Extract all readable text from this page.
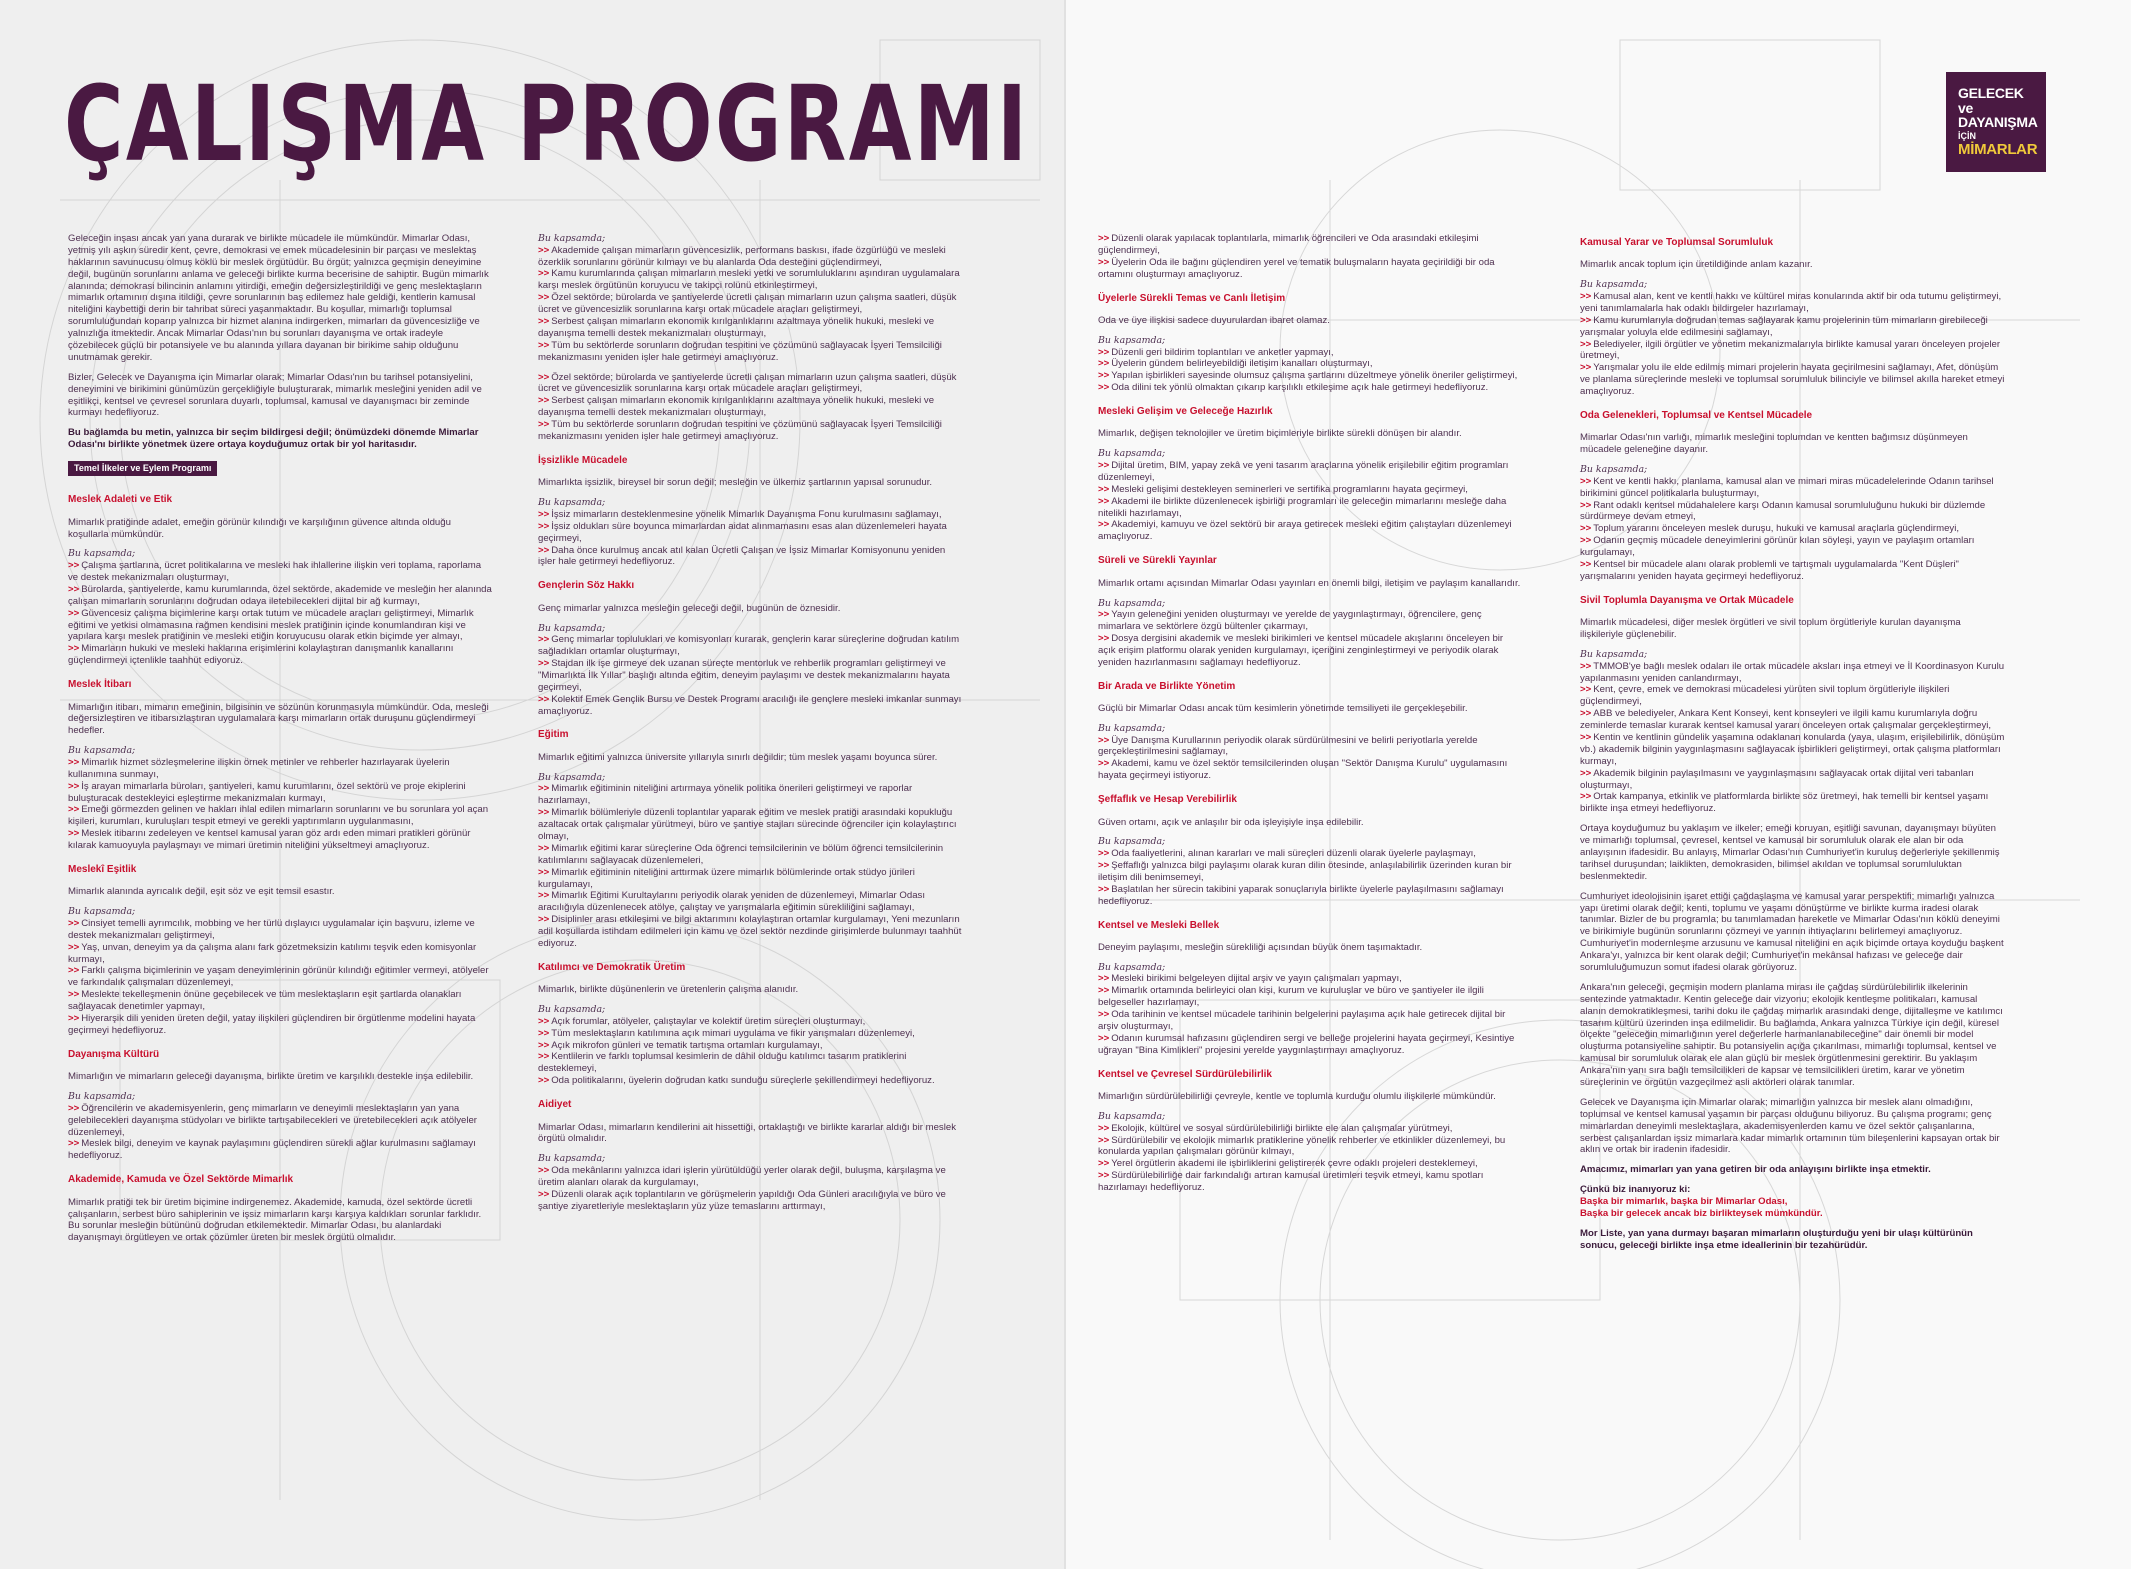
ÇALIŞMA PROGRAMI	GELECEK ve
DAYANIŞMA
İÇİN
MİMARLAR

Geleceğin inşası ancak yan yana durarak ve birlikte mücadele ile mümkündür. Mimarlar Odası, yetmiş yılı aşkın süredir kent, çevre, demokrasi ve emek mücadelesinin bir parçası ve meslektaş haklarının savunucusu olmuş köklü bir meslek örgütüdür. Bu örgüt; yalnızca geçmişin deneyimine değil, bugünün sorunlarını anlama ve geleceği birlikte kurma becerisine de sahiptir. Bugün mimarlık alanında; demokrasi bilincinin anlamını yitirdiği, emeğin değersizleştirildiği ve genç meslektaşların mimarlık ortamının dışına itildiği, çevre sorunlarının baş edilemez hale geldiği, kentlerin kamusal niteliğini kaybettiği derin bir tahribat süreci yaşanmaktadır. Bu koşullar, mimarlığı toplumsal sorumluluğundan koparıp yalnızca bir hizmet alanına indirgerken, mimarları da güvencesizliğe ve yalnızlığa itmektedir. Ancak Mimarlar Odası'nın bu sorunları dayanışma ve ortak iradeyle çözebilecek güçlü bir potansiyele ve bu alanında yıllara dayanan bir birikime sahip olduğunu unutmamak gerekir.

Bizler, Gelecek ve Dayanışma için Mimarlar olarak; Mimarlar Odası'nın bu tarihsel potansiyelini, deneyimini ve birikimini günümüzün gerçekliğiyle buluşturarak, mimarlık mesleğini yeniden adil ve eşitlikçi, kentsel ve çevresel sorunlara duyarlı, toplumsal, kamusal ve dayanışmacı bir zeminde kurmayı hedefliyoruz.

Bu bağlamda bu metin, yalnızca bir seçim bildirgesi değil; önümüzdeki dönemde Mimarlar Odası'nı birlikte yönetmek üzere ortaya koyduğumuz ortak bir yol haritasıdır.

Temel İlkeler ve Eylem Programı
Meslek Adaleti ve Etik

Mimarlık pratiğinde adalet, emeğin görünür kılındığı ve karşılığının güvence altında olduğu koşullarla mümkündür.

Bu kapsamda;
>> Çalışma şartlarına, ücret politikalarına ve mesleki hak ihlallerine ilişkin veri toplama, raporlama ve destek mekanizmaları oluşturmayı,
>> Bürolarda, şantiyelerde, kamu kurumlarında, özel sektörde, akademide ve mesleğin her alanında çalışan mimarların sorunlarını doğrudan odaya iletebilecekleri dijital bir ağ kurmayı,
>> Güvencesiz çalışma biçimlerine karşı ortak tutum ve mücadele araçları geliştirmeyi, Mimarlık eğitimi ve yetkisi olmamasına rağmen kendisini meslek pratiğinin içinde konumlandıran kişi ve yapılara karşı meslek pratiğinin ve mesleki etiğin koruyucusu olarak etkin biçimde yer almayı,
>> Mimarların hukuki ve mesleki haklarına erişimlerini kolaylaştıran danışmanlık kanallarını güçlendirmeyi içtenlikle taahhüt ediyoruz.
Meslek İtibarı

Mimarlığın itibarı, mimarın emeğinin, bilgisinin ve sözünün korunmasıyla mümkündür. Oda, mesleği değersizleştiren ve itibarsızlaştıran uygulamalara karşı mimarların ortak duruşunu güçlendirmeyi hedefler.

Bu kapsamda;
>> Mimarlık hizmet sözleşmelerine ilişkin örnek metinler ve rehberler hazırlayarak üyelerin kullanımına sunmayı,
>> İş arayan mimarlarla büroları, şantiyeleri, kamu kurumlarını, özel sektörü ve proje ekiplerini buluşturacak destekleyici eşleştirme mekanizmaları kurmayı,
>> Emeği görmezden gelinen ve hakları ihlal edilen mimarların sorunlarını ve bu sorunlara yol açan kişileri, kurumları, kuruluşları tespit etmeyi ve gerekli yaptırımların uygulanmasını,
>> Meslek itibarını zedeleyen ve kentsel kamusal yaran göz ardı eden mimari pratikleri görünür kılarak kamuoyuyla paylaşmayı ve mimari üretimin niteliğini yükseltmeyi amaçlıyoruz.
Meslekî Eşitlik

Mimarlık alanında ayrıcalık değil, eşit söz ve eşit temsil esastır.

Bu kapsamda;
>> Cinsiyet temelli ayrımcılık, mobbing ve her türlü dışlayıcı uygulamalar için başvuru, izleme ve destek mekanizmaları geliştirmeyi,
>> Yaş, unvan, deneyim ya da çalışma alanı fark gözetmeksizin katılımı teşvik eden komisyonlar kurmayı,
>> Farklı çalışma biçimlerinin ve yaşam deneyimlerinin görünür kılındığı eğitimler vermeyi, atölyeler ve farkındalık çalışmaları düzenlemeyi,
>> Meslekte tekelleşmenin önüne geçebilecek ve tüm meslektaşların eşit şartlarda olanakları sağlayacak denetimler yapmayı,
>> Hiyerarşik dili yeniden üreten değil, yatay ilişkileri güçlendiren bir örgütlenme modelini hayata geçirmeyi hedefliyoruz.
Dayanışma Kültürü

Mimarlığın ve mimarların geleceği dayanışma, birlikte üretim ve karşılıklı destekle inşa edilebilir.

Bu kapsamda;
>> Öğrencilerin ve akademisyenlerin, genç mimarların ve deneyimli meslektaşların yan yana gelebilecekleri dayanışma stüdyoları ve birlikte tartışabilecekleri ve üretebilecekleri açık atölyeler düzenlemeyi,
>> Meslek bilgi, deneyim ve kaynak paylaşımını güçlendiren sürekli ağlar kurulmasını sağlamayı hedefliyoruz.
Akademide, Kamuda ve Özel Sektörde Mimarlık

Mimarlık pratiği tek bir üretim biçimine indirgenemez. Akademide, kamuda, özel sektörde ücretli çalışanların, serbest büro sahiplerinin ve işsiz mimarların karşı karşıya kaldıkları sorunlar farklıdır. Bu sorunlar mesleğin bütününü doğrudan etkilemektedir. Mimarlar Odası, bu alanlardaki dayanışmayı örgütleyen ve ortak çözümler üreten bir meslek örgütü olmalıdır.

Bu kapsamda;
>> Akademide çalışan mimarların güvencesizlik, performans baskısı, ifade özgürlüğü ve mesleki özerklik sorunlarını görünür kılmayı ve bu alanlarda Oda desteğini güçlendirmeyi,
>> Kamu kurumlarında çalışan mimarların mesleki yetki ve sorumluluklarını aşındıran uygulamalara karşı meslek örgütünün koruyucu ve takipçi rolünü etkinleştirmeyi,
>> Özel sektörde; bürolarda ve şantiyelerde ücretli çalışan mimarların uzun çalışma saatleri, düşük ücret ve güvencesizlik sorunlarına karşı ortak mücadele araçları geliştirmeyi,
>> Serbest çalışan mimarların ekonomik kırılganlıklarını azaltmaya yönelik hukuki, mesleki ve dayanışma temelli destek mekanizmaları oluşturmayı,
>> Tüm bu sektörlerde sorunların doğrudan tespitini ve çözümünü sağlayacak İşyeri Temsilciliği mekanizmasını yeniden işler hale getirmeyi amaçlıyoruz.
>> Özel sektörde; bürolarda ve şantiyelerde ücretli çalışan mimarların uzun çalışma saatleri, düşük ücret ve güvencesizlik sorunlarına karşı ortak mücadele araçları geliştirmeyi,
>> Serbest çalışan mimarların ekonomik kırılganlıklarını azaltmaya yönelik hukuki, mesleki ve dayanışma temelli destek mekanizmaları oluşturmayı,
>> Tüm bu sektörlerde sorunların doğrudan tespitini ve çözümünü sağlayacak İşyeri Temsilciliği mekanizmasını yeniden işler hale getirmeyi amaçlıyoruz.
İşsizlikle Mücadele

Mimarlıkta işsizlik, bireysel bir sorun değil; mesleğin ve ülkemiz şartlarının yapısal sorunudur.

Bu kapsamda;
>> İşsiz mimarların desteklenmesine yönelik Mimarlık Dayanışma Fonu kurulmasını sağlamayı,
>> İşsiz oldukları süre boyunca mimarlardan aidat alınmamasını esas alan düzenlemeleri hayata geçirmeyi,
>> Daha önce kurulmuş ancak atıl kalan Ücretli Çalışan ve İşsiz Mimarlar Komisyonunu yeniden işler hale getirmeyi hedefliyoruz.
Gençlerin Söz Hakkı

Genç mimarlar yalnızca mesleğin geleceği değil, bugünün de öznesidir.

Bu kapsamda;
>> Genç mimarlar topluluklari ve komisyonları kurarak, gençlerin karar süreçlerine doğrudan katılım sağladıkları ortamlar oluşturmayı,
>> Stajdan ilk işe girmeye dek uzanan süreçte mentorluk ve rehberlik programları geliştirmeyi ve "Mimarlıkta İlk Yıllar" başlığı altında eğitim, deneyim paylaşımı ve destek mekanizmalarını hayata geçirmeyi,
>> Kolektif Emek Gençlik Bursu ve Destek Programı aracılığı ile gençlere mesleki imkanlar sunmayı amaçlıyoruz.
Eğitim

Mimarlık eğitimi yalnızca üniversite yıllarıyla sınırlı değildir; tüm meslek yaşamı boyunca sürer.

Bu kapsamda;
>> Mimarlık eğitiminin niteliğini artırmaya yönelik politika önerileri geliştirmeyi ve raporlar hazırlamayı,
>> Mimarlık bölümleriyle düzenli toplantılar yaparak eğitim ve meslek pratiği arasındaki kopukluğu azaltacak ortak çalışmalar yürütmeyi, büro ve şantiye stajları sürecinde öğrenciler için kolaylaştırıcı olmayı,
>> Mimarlık eğitimi karar süreçlerine Oda öğrenci temsilcilerinin ve bölüm öğrenci temsilcilerinin katılımlarını sağlayacak düzenlemeleri,
>> Mimarlık eğitiminin niteliğini arttırmak üzere mimarlık bölümlerinde ortak stüdyo jürileri kurgulamayı,
>> Mimarlık Eğitimi Kurultaylarını periyodik olarak yeniden de düzenlemeyi, Mimarlar Odası aracılığıyla düzenlenecek atölye, çalıştay ve yarışmalarla eğitimin sürekliliğini sağlamayı,
>> Disiplinler arası etkileşimi ve bilgi aktarımını kolaylaştıran ortamlar kurgulamayı, Yeni mezunların adil koşullarda istihdam edilmeleri için kamu ve özel sektör nezdinde girişimlerde bulunmayı taahhüt ediyoruz.
Katılımcı ve Demokratik Üretim

Mimarlık, birlikte düşünenlerin ve üretenlerin çalışma alanıdır.

Bu kapsamda;
>> Açık forumlar, atölyeler, çalıştaylar ve kolektif üretim süreçleri oluşturmayı,
>> Tüm meslektaşların katılımına açık mimari uygulama ve fikir yarışmaları düzenlemeyi,
>> Açık mikrofon günleri ve tematik tartışma ortamları kurgulamayı,
>> Kentlilerin ve farklı toplumsal kesimlerin de dâhil olduğu katılımcı tasarım pratiklerini desteklemeyi,
>> Oda politikalarını, üyelerin doğrudan katkı sunduğu süreçlerle şekillendirmeyi hedefliyoruz.
Aidiyet

Mimarlar Odası, mimarların kendilerini ait hissettiği, ortaklaştığı ve birlikte kararlar aldığı bir meslek örgütü olmalıdır.

Bu kapsamda;
>> Oda mekânlarını yalnızca idari işlerin yürütüldüğü yerler olarak değil, buluşma, karşılaşma ve üretim alanları olarak da kurgulamayı,
>> Düzenli olarak açık toplantıların ve görüşmelerin yapıldığı Oda Günleri aracılığıyla ve büro ve şantiye ziyaretleriyle meslektaşların yüz yüze temaslarını arttırmayı,
>> Düzenli olarak yapılacak toplantılarla, mimarlık öğrencileri ve Oda arasındaki etkileşimi güçlendirmeyi,
>> Üyelerin Oda ile bağını güçlendiren yerel ve tematik buluşmaların hayata geçirildiği bir oda ortamını oluşturmayı amaçlıyoruz.
Üyelerle Sürekli Temas ve Canlı İletişim

Oda ve üye ilişkisi sadece duyurulardan ibaret olamaz.

Bu kapsamda;
>> Düzenli geri bildirim toplantıları ve anketler yapmayı,
>> Üyelerin gündem belirleyebildiği iletişim kanalları oluşturmayı,
>> Yapılan işbirlikleri sayesinde olumsuz çalışma şartlarını düzeltmeye yönelik öneriler geliştirmeyi,
>> Oda dilini tek yönlü olmaktan çıkarıp karşılıklı etkileşime açık hale getirmeyi hedefliyoruz.
Mesleki Gelişim ve Geleceğe Hazırlık

Mimarlık, değişen teknolojiler ve üretim biçimleriyle birlikte sürekli dönüşen bir alandır.

Bu kapsamda;
>> Dijital üretim, BIM, yapay zekâ ve yeni tasarım araçlarına yönelik erişilebilir eğitim programları düzenlemeyi,
>> Mesleki gelişimi destekleyen seminerleri ve sertifika programlarını hayata geçirmeyi,
>> Akademi ile birlikte düzenlenecek işbirliği programları ile geleceğin mimarlarını mesleğe daha nitelikli hazırlamayı,
>> Akademiyi, kamuyu ve özel sektörü bir araya getirecek mesleki eğitim çalıştayları düzenlemeyi amaçlıyoruz.
Süreli ve Sürekli Yayınlar

Mimarlık ortamı açısından Mimarlar Odası yayınları en önemli bilgi, iletişim ve paylaşım kanallarıdır.

Bu kapsamda;
>> Yayın geleneğini yeniden oluşturmayı ve yerelde de yaygınlaştırmayı, öğrencilere, genç mimarlara ve sektörlere özgü bültenler çıkarmayı,
>> Dosya dergisini akademik ve mesleki birikimleri ve kentsel mücadele akışlarını önceleyen bir açık erişim platformu olarak yeniden kurgulamayı, içeriğini zenginleştirmeyi ve periyodik olarak yeniden hazırlanmasını sağlamayı hedefliyoruz.
Bir Arada ve Birlikte Yönetim

Güçlü bir Mimarlar Odası ancak tüm kesimlerin yönetimde temsiliyeti ile gerçekleşebilir.

Bu kapsamda;
>> Üye Danışma Kurullarının periyodik olarak sürdürülmesini ve belirli periyotlarla yerelde gerçekleştirilmesini sağlamayı,
>> Akademi, kamu ve özel sektör temsilcilerinden oluşan "Sektör Danışma Kurulu" uygulamasını hayata geçirmeyi istiyoruz.
Şeffaflık ve Hesap Verebilirlik

Güven ortamı, açık ve anlaşılır bir oda işleyişiyle inşa edilebilir.

Bu kapsamda;
>> Oda faaliyetlerini, alınan kararları ve mali süreçleri düzenli olarak üyelerle paylaşmayı,
>> Şeffaflığı yalnızca bilgi paylaşımı olarak kuran dilin ötesinde, anlaşılabilirlik üzerinden kuran bir iletişim dili benimsemeyi,
>> Başlatılan her sürecin takibini yaparak sonuçlarıyla birlikte üyelerle paylaşılmasını sağlamayı hedefliyoruz.
Kentsel ve Mesleki Bellek

Deneyim paylaşımı, mesleğin sürekliliği açısından büyük önem taşımaktadır.

Bu kapsamda;
>> Mesleki birikimi belgeleyen dijital arşiv ve yayın çalışmaları yapmayı,
>> Mimarlık ortamında belirleyici olan kişi, kurum ve kuruluşlar ve büro ve şantiyeler ile ilgili belgeseller hazırlamayı,
>> Oda tarihinin ve kentsel mücadele tarihinin belgelerini paylaşıma açık hale getirecek dijital bir arşiv oluşturmayı,
>> Odanın kurumsal hafızasını güçlendiren sergi ve belleğe projelerini hayata geçirmeyi, Kesintiye uğrayan "Bina Kimlikleri" projesini yerelde yaygınlaştırmayı amaçlıyoruz.
Kentsel ve Çevresel Sürdürülebilirlik

Mimarlığın sürdürülebilirliği çevreyle, kentle ve toplumla kurduğu olumlu ilişkilerle mümkündür.

Bu kapsamda;
>> Ekolojik, kültürel ve sosyal sürdürülebilirliği birlikte ele alan çalışmalar yürütmeyi,
>> Sürdürülebilir ve ekolojik mimarlık pratiklerine yönelik rehberler ve etkinlikler düzenlemeyi, bu konularda yapılan çalışmaları görünür kılmayı,
>> Yerel örgütlerin akademi ile işbirliklerini geliştirerek çevre odaklı projeleri desteklemeyi,
>> Sürdürülebilirliğe dair farkındalığı artıran kamusal üretimleri teşvik etmeyi, kamu spotları hazırlamayı hedefliyoruz.
Kamusal Yarar ve Toplumsal Sorumluluk

Mimarlık ancak toplum için üretildiğinde anlam kazanır.

Bu kapsamda;
>> Kamusal alan, kent ve kentli hakkı ve kültürel miras konularında aktif bir oda tutumu geliştirmeyi, yeni tanımlamalarla hak odaklı bildirgeler hazırlamayı,
>> Kamu kurumlarıyla doğrudan temas sağlayarak kamu projelerinin tüm mimarların girebileceği yarışmalar yoluyla elde edilmesini sağlamayı,
>> Belediyeler, ilgili örgütler ve yönetim mekanizmalarıyla birlikte kamusal yararı önceleyen projeler üretmeyi,
>> Yarışmalar yolu ile elde edilmiş mimari projelerin hayata geçirilmesini sağlamayı, Afet, dönüşüm ve planlama süreçlerinde mesleki ve toplumsal sorumluluk bilinciyle ve bilimsel akılla hareket etmeyi amaçlıyoruz.
Oda Gelenekleri, Toplumsal ve Kentsel Mücadele

Mimarlar Odası'nın varlığı, mimarlık mesleğini toplumdan ve kentten bağımsız düşünmeyen mücadele geleneğine dayanır.

Bu kapsamda;
>> Kent ve kentli hakkı, planlama, kamusal alan ve mimari miras mücadelelerinde Odanın tarihsel birikimini güncel politikalarla buluşturmayı,
>> Rant odaklı kentsel müdahalelere karşı Odanın kamusal sorumluluğunu hukuki bir düzlemde sürdürmeye devam etmeyi,
>> Toplum yararını önceleyen meslek duruşu, hukuki ve kamusal araçlarla güçlendirmeyi,
>> Odanın geçmiş mücadele deneyimlerini görünür kılan söyleşi, yayın ve paylaşım ortamları kurgulamayı,
>> Kentsel bir mücadele alanı olarak problemli ve tartışmalı uygulamalarda "Kent Düşleri" yarışmalarını yeniden hayata geçirmeyi hedefliyoruz.
Sivil Toplumla Dayanışma ve Ortak Mücadele

Mimarlık mücadelesi, diğer meslek örgütleri ve sivil toplum örgütleriyle kurulan dayanışma ilişkileriyle güçlenebilir.

Bu kapsamda;
>> TMMOB'ye bağlı meslek odaları ile ortak mücadele aksları inşa etmeyi ve İl Koordinasyon Kurulu yapılanmasını yeniden canlandırmayı,
>> Kent, çevre, emek ve demokrasi mücadelesi yürüten sivil toplum örgütleriyle ilişkileri güçlendirmeyi,
>> ABB ve belediyeler, Ankara Kent Konseyi, kent konseyleri ve ilgili kamu kurumlarıyla doğru zeminlerde temaslar kurarak kentsel kamusal yararı önceleyen ortak çalışmalar gerçekleştirmeyi,
>> Kentin ve kentlinin gündelik yaşamına odaklanan konularda (yaya, ulaşım, erişilebilirlik, dönüşüm vb.) akademik bilginin yaygınlaşmasını sağlayacak işbirlikleri geliştirmeyi, ortak çalışma platformları kurmayı,
>> Akademik bilginin paylaşılmasını ve yaygınlaşmasını sağlayacak ortak dijital veri tabanları oluşturmayı,
>> Ortak kampanya, etkinlik ve platformlarda birlikte söz üretmeyi, hak temelli bir kentsel yaşamı birlikte inşa etmeyi hedefliyoruz.

Ortaya koyduğumuz bu yaklaşım ve ilkeler; emeği koruyan, eşitliği savunan, dayanışmayı büyüten ve mimarlığı toplumsal, çevresel, kentsel ve kamusal bir sorumluluk olarak ele alan bir oda anlayışının ifadesidir. Bu anlayış, Mimarlar Odası'nın Cumhuriyet'in kuruluş değerleriyle şekillenmiş tarihsel duruşundan; laiklikten, demokrasiden, bilimsel akıldan ve toplumsal sorumluluktan beslenmektedir.

Cumhuriyet ideolojisinin işaret ettiği çağdaşlaşma ve kamusal yarar perspektifi; mimarlığı yalnızca yapı üretimi olarak değil; kenti, toplumu ve yaşamı dönüştürme ve birlikte kurma iradesi olarak tanımlar. Bizler de bu programla; bu tanımlamadan hareketle ve Mimarlar Odası'nın köklü deneyimi ve birikimiyle bugünün sorunlarını çözmeyi ve yarının ihtiyaçlarını belirlemeyi amaçlıyoruz. Cumhuriyet'in modernleşme arzusunu ve kamusal niteliğini en açık biçimde ortaya koyduğu başkent Ankara'yı, yalnızca bir kent olarak değil; Cumhuriyet'in mekânsal hafızası ve geleceğe dair sorumluluğumuzun somut ifadesi olarak görüyoruz.

Ankara'nın geleceği, geçmişin modern planlama mirası ile çağdaş sürdürülebilirlik ilkelerinin sentezinde yatmaktadır. Kentin geleceğe dair vizyonu; ekolojik kentleşme politikaları, kamusal alanın demokratikleşmesi, tarihi doku ile çağdaş mimarlık arasındaki denge, dijitalleşme ve katılımcı tasarım kültürü üzerinden inşa edilmelidir. Bu bağlamda, Ankara yalnızca Türkiye için değil, küresel ölçekte "geleceğin mimarlığının yerel değerlerle harmanlanabileceğine" dair önemli bir model oluşturma potansiyeline sahiptir. Bu potansiyelin açığa çıkarılması, mimarlığı toplumsal, kentsel ve kamusal bir sorumluluk olarak ele alan güçlü bir meslek örgütlenmesini gerektirir. Bu yaklaşım Ankara'nın yanı sıra bağlı temsilcilikleri de kapsar ve temsilcilikleri üretim, karar ve yönetim süreçlerinin ve örgütün vazgeçilmez asli aktörleri olarak tanımlar.

Gelecek ve Dayanışma için Mimarlar olarak; mimarlığın yalnızca bir meslek alanı olmadığını, toplumsal ve kentsel kamusal yaşamın bir parçası olduğunu biliyoruz. Bu çalışma programı; genç mimarlardan deneyimli meslektaşlara, akademisyenlerden kamu ve özel sektör çalışanlarına, serbest çalışanlardan işsiz mimarlara kadar mimarlık ortamının tüm bileşenlerini kapsayan ortak bir aklın ve ortak bir iradenin ifadesidir.

Amacımız, mimarları yan yana getiren bir oda anlayışını birlikte inşa etmektir.

Çünkü biz inanıyoruz ki:
Başka bir mimarlık, başka bir Mimarlar Odası,
Başka bir gelecek ancak biz birlikteysek mümkündür.

Mor Liste, yan yana durmayı başaran mimarların oluşturduğu yeni bir ulaşı kültürünün sonucu, geleceği birlikte inşa etme ideallerinin bir tezahürüdür.
